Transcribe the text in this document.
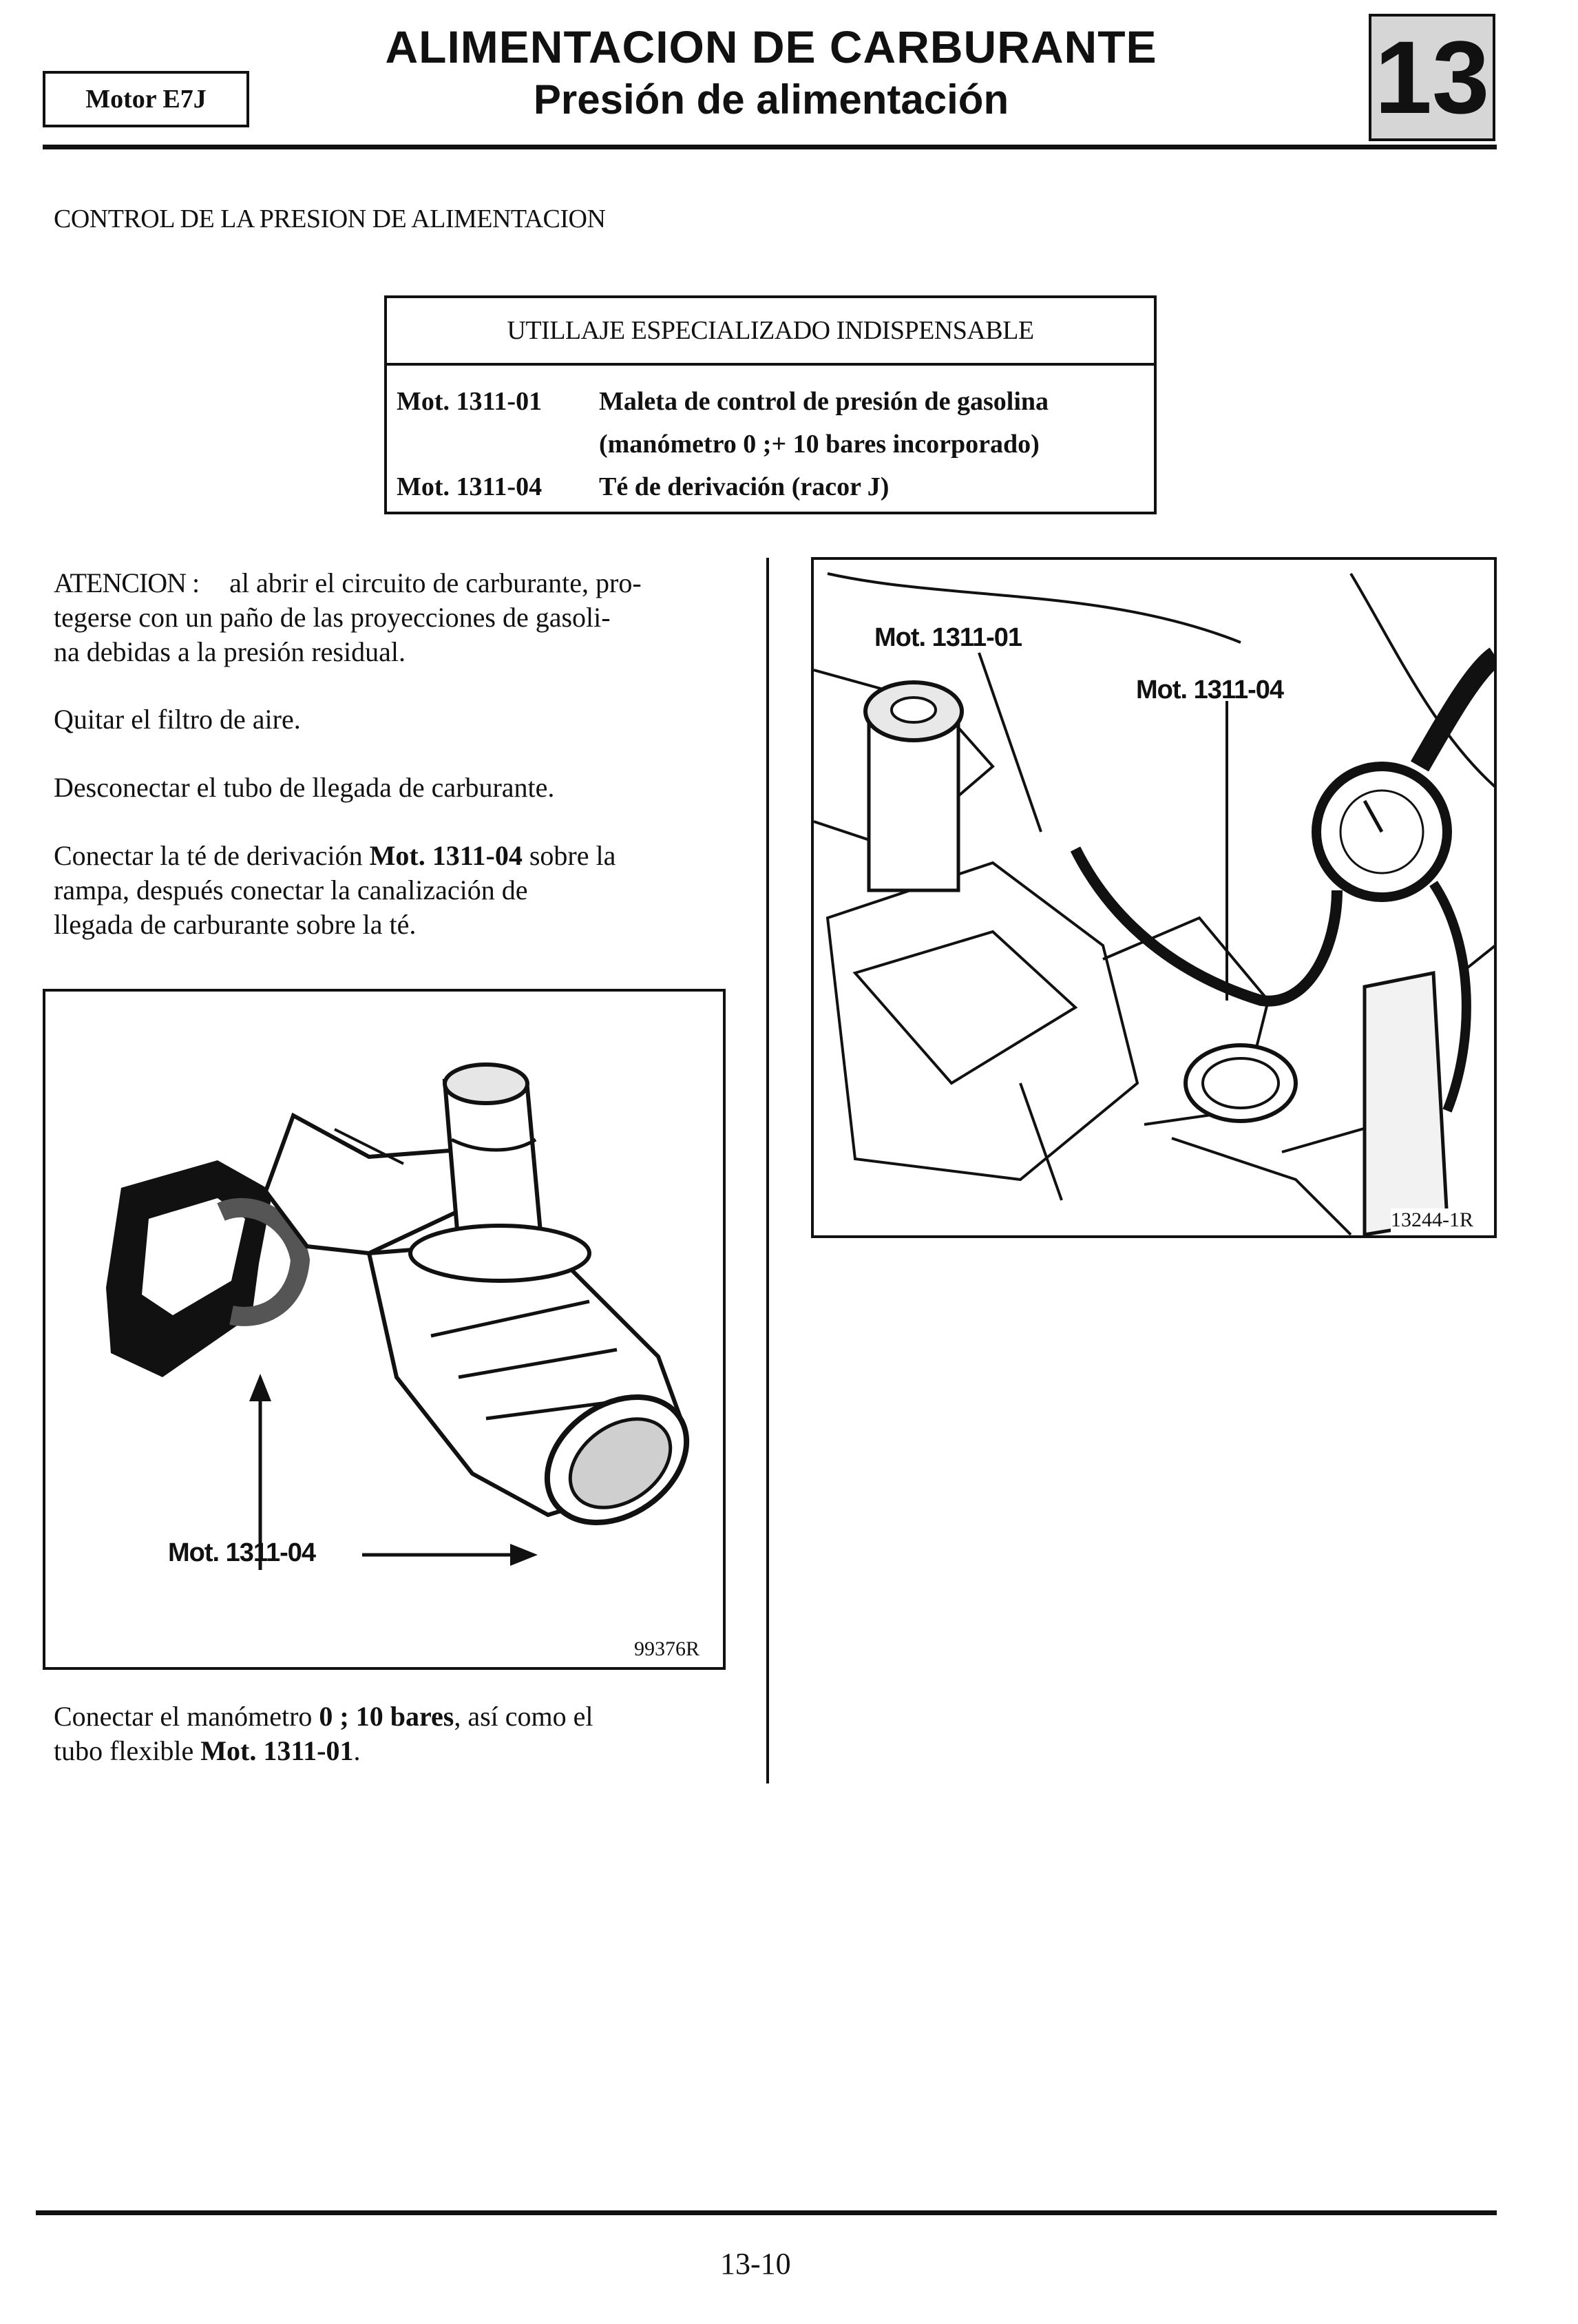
Motor E7J
ALIMENTACION DE CARBURANTE
Presión de alimentación	13
CONTROL DE LA PRESION DE ALIMENTACION
UTILLAJE ESPECIALIZADO INDISPENSABLE
Mot. 1311-01 Maleta de control de presión de gasolina
(manómetro 0 ;+ 10 bares incorporado)
Mot. 1311-04 Té de derivación (racor J)
ATENCION : al abrir el circuito de carburante, pro-
tegerse con un paño de las proyecciones de gasoli-
na debidas a la presión residual.
Quitar el filtro de aire.
Desconectar el tubo de llegada de carburante.
Conectar la té de derivación Mot. 1311-04 sobre la
rampa, después conectar la canalización de
llegada de carburante sobre la té.
Mot. 1311-04
99376R
Conectar el manómetro 0 ; 10 bares, así como el
tubo flexible Mot. 1311-01.
Mot. 1311-01
Mot. 1311-04
13244-1R
13-10
